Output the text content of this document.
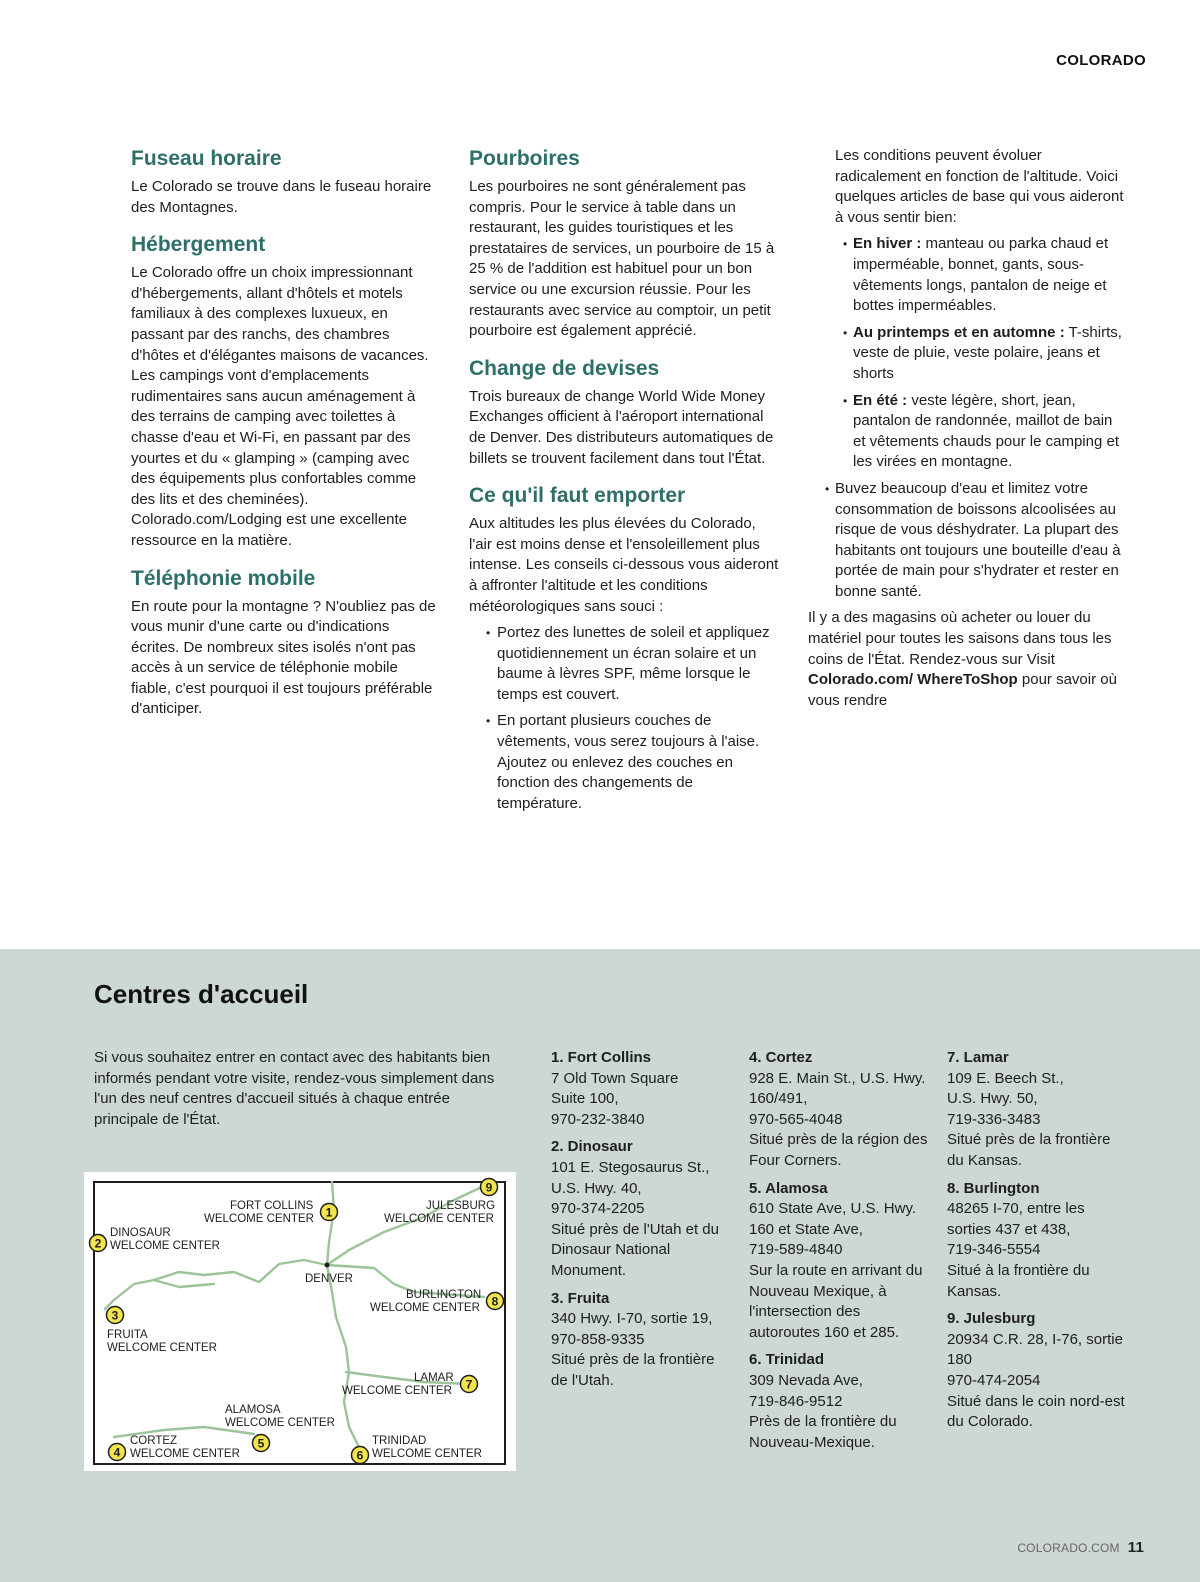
COLORADO
Fuseau horaire

Le Colorado se trouve dans le fuseau horaire des Montagnes.

Hébergement

Le Colorado offre un choix impressionnant d'hébergements, allant d'hôtels et motels familiaux à des complexes luxueux, en passant par des ranchs, des chambres d'hôtes et d'élégantes maisons de vacances. Les campings vont d'emplacements rudimentaires sans aucun aménagement à des terrains de camping avec toilettes à chasse d'eau et Wi-Fi, en passant par des yourtes et du « glamping » (camping avec des équipements plus confortables comme des lits et des cheminées). Colorado.com/Lodging est une excellente ressource en la matière.

Téléphonie mobile

En route pour la montagne ? N'oubliez pas de vous munir d'une carte ou d'indications écrites. De nombreux sites isolés n'ont pas accès à un service de téléphonie mobile fiable, c'est pourquoi il est toujours préférable d'anticiper.

Pourboires

Les pourboires ne sont généralement pas compris. Pour le service à table dans un restaurant, les guides touristiques et les prestataires de services, un pourboire de 15 à 25 % de l'addition est habituel pour un bon service ou une excursion réussie. Pour les restaurants avec service au comptoir, un petit pourboire est également apprécié.

Change de devises

Trois bureaux de change World Wide Money Exchanges officient à l'aéroport international de Denver. Des distributeurs automatiques de billets se trouvent facilement dans tout l'État.

Ce qu'il faut emporter

Aux altitudes les plus élevées du Colorado, l'air est moins dense et l'ensoleillement plus intense. Les conseils ci-dessous vous aideront à affronter l'altitude et les conditions météorologiques sans souci :

• Portez des lunettes de soleil et appliquez quotidiennement un écran solaire et un baume à lèvres SPF, même lorsque le temps est couvert.
• En portant plusieurs couches de vêtements, vous serez toujours à l'aise. Ajoutez ou enlevez des couches en fonction des changements de température.

Les conditions peuvent évoluer radicalement en fonction de l'altitude. Voici quelques articles de base qui vous aideront à vous sentir bien:

• En hiver : manteau ou parka chaud et imperméable, bonnet, gants, sous-vêtements longs, pantalon de neige et bottes imperméables.
• Au printemps et en automne : T-shirts, veste de pluie, veste polaire, jeans et shorts
• En été : veste légère, short, jean, pantalon de randonnée, maillot de bain et vêtements chauds pour le camping et les virées en montagne.
• Buvez beaucoup d'eau et limitez votre consommation de boissons alcoolisées au risque de vous déshydrater. La plupart des habitants ont toujours une bouteille d'eau à portée de main pour s'hydrater et rester en bonne santé.

Il y a des magasins où acheter ou louer du matériel pour toutes les saisons dans tous les coins de l'État. Rendez-vous sur Visit Colorado.com/ WhereToShop pour savoir où vous rendre

Centres d'accueil
Si vous souhaitez entrer en contact avec des habitants bien informés pendant votre visite, rendez-vous simplement dans l'un des neuf centres d'accueil situés à chaque entrée principale de l'État.
FORT COLLINS
WELCOME CENTER
JULESBURG
WELCOME CENTER
DINOSAUR
WELCOME CENTER
DENVER
BURLINGTON
WELCOME CENTER
FRUITA
WELCOME CENTER
LAMAR
WELCOME CENTER
ALAMOSA
WELCOME CENTER
CORTEZ
WELCOME CENTER
TRINIDAD
WELCOME CENTER
1
2
3
4
5
6
7
8
9
1. Fort Collins
7 Old Town Square
Suite 100,
970-232-3840
2. Dinosaur
101 E. Stegosaurus St.,
U.S. Hwy. 40,
970-374-2205
Situé près de l'Utah et du Dinosaur National Monument.
3. Fruita
340 Hwy. I-70, sortie 19,
970-858-9335
Situé près de la frontière de l'Utah.
4. Cortez
928 E. Main St., U.S. Hwy. 160/491,
970-565-4048
Situé près de la région des Four Corners.
5. Alamosa
610 State Ave, U.S. Hwy. 160 et State Ave,
719-589-4840
Sur la route en arrivant du Nouveau Mexique, à l'intersection des autoroutes 160 et 285.
6. Trinidad
309 Nevada Ave,
719-846-9512
Près de la frontière du Nouveau-Mexique.
7. Lamar
109 E. Beech St.,
U.S. Hwy. 50,
719-336-3483
Situé près de la frontière du Kansas.
8. Burlington
48265 I-70, entre les sorties 437 et 438,
719-346-5554
Situé à la frontière du Kansas.
9. Julesburg
20934 C.R. 28, I-76, sortie 180
970-474-2054
Situé dans le coin nord-est du Colorado.
COLORADO.COM 11
